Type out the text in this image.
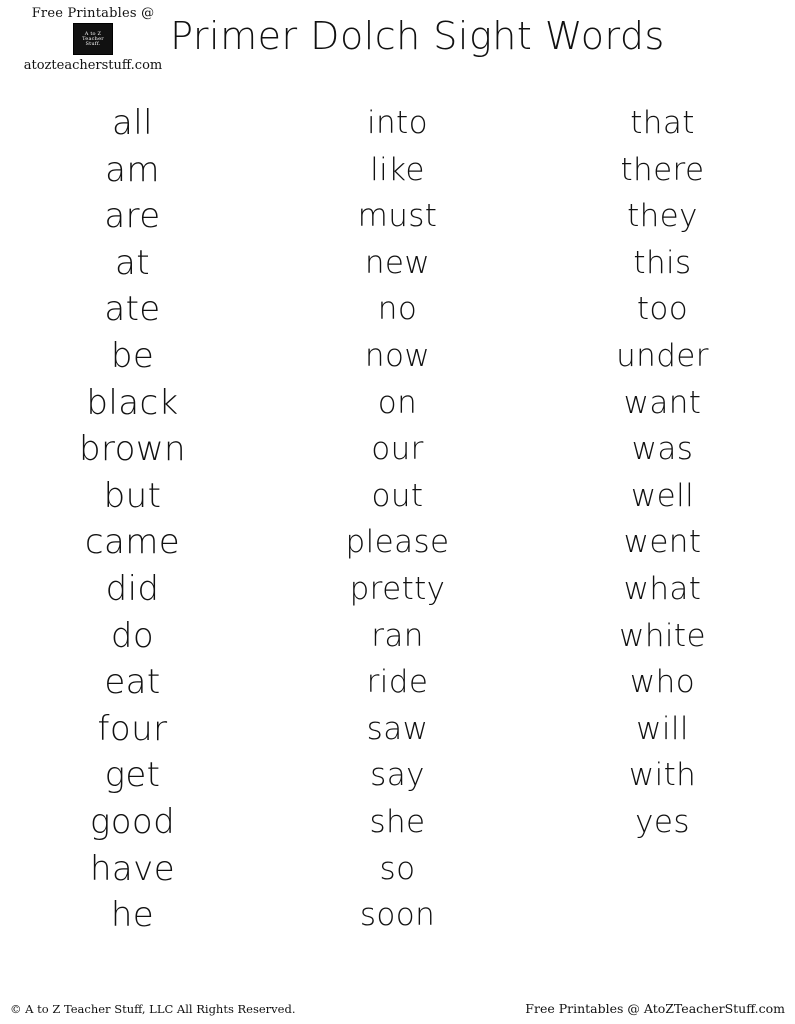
Free Printables @
A to Z
Teacher
Stuff.
atozteacherstuff.com
Primer Dolch Sight Words
all
am
are
at
ate
be
black
brown
but
came
did
do
eat
four
get
good
have
he
into
like
must
new
no
now
on
our
out
please
pretty
ran
ride
saw
say
she
so
soon
that
there
they
this
too
under
want
was
well
went
what
white
who
will
with
yes
© A to Z Teacher Stuff, LLC All Rights Reserved.	Free Printables @ AtoZTeacherStuff.com
